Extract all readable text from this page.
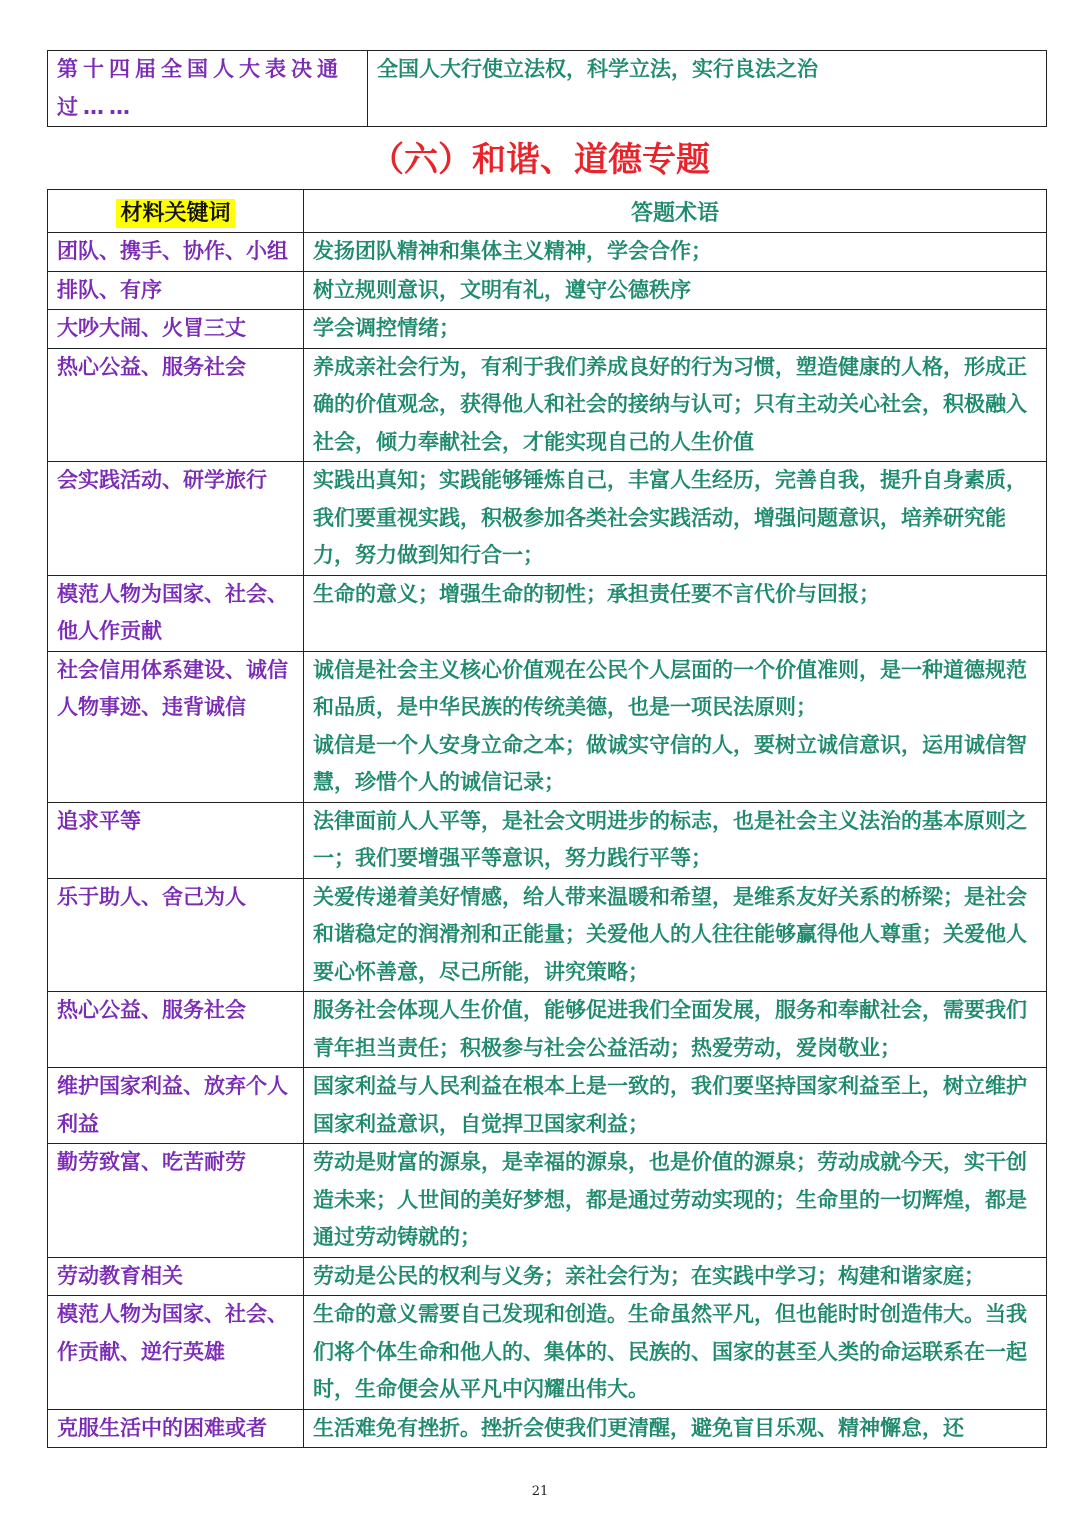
第十四届全国人大表决通过……	全国人大行使立法权，科学立法，实行良法之治
（六）和谐、道德专题
材料关键词	答题术语
团队、携手、协作、小组	发扬团队精神和集体主义精神，学会合作；
排队、有序	树立规则意识，文明有礼，遵守公德秩序
大吵大闹、火冒三丈	学会调控情绪；
热心公益、服务社会	养成亲社会行为，有利于我们养成良好的行为习惯，塑造健康的人格，形成正确的价值观念，获得他人和社会的接纳与认可；只有主动关心社会，积极融入社会，倾力奉献社会，才能实现自己的人生价值
会实践活动、研学旅行	实践出真知；实践能够锤炼自己，丰富人生经历，完善自我，提升自身素质，我们要重视实践，积极参加各类社会实践活动，增强问题意识，培养研究能力，努力做到知行合一；
模范人物为国家、社会、他人作贡献	生命的意义；增强生命的韧性；承担责任要不言代价与回报；
社会信用体系建设、诚信人物事迹、违背诚信	诚信是社会主义核心价值观在公民个人层面的一个价值准则，是一种道德规范和品质，是中华民族的传统美德，也是一项民法原则；
诚信是一个人安身立命之本；做诚实守信的人，要树立诚信意识，运用诚信智慧，珍惜个人的诚信记录；
追求平等	法律面前人人平等，是社会文明进步的标志，也是社会主义法治的基本原则之一；我们要增强平等意识，努力践行平等；
乐于助人、舍己为人	关爱传递着美好情感，给人带来温暖和希望，是维系友好关系的桥梁；是社会和谐稳定的润滑剂和正能量；关爱他人的人往往能够赢得他人尊重；关爱他人要心怀善意，尽己所能，讲究策略；
热心公益、服务社会	服务社会体现人生价值，能够促进我们全面发展，服务和奉献社会，需要我们青年担当责任；积极参与社会公益活动；热爱劳动，爱岗敬业；
维护国家利益、放弃个人利益	国家利益与人民利益在根本上是一致的，我们要坚持国家利益至上，树立维护国家利益意识，自觉捍卫国家利益；
勤劳致富、吃苦耐劳	劳动是财富的源泉，是幸福的源泉，也是价值的源泉；劳动成就今天，实干创造未来；人世间的美好梦想，都是通过劳动实现的；生命里的一切辉煌，都是通过劳动铸就的；
劳动教育相关	劳动是公民的权利与义务；亲社会行为；在实践中学习；构建和谐家庭；
模范人物为国家、社会、作贡献、逆行英雄	生命的意义需要自己发现和创造。生命虽然平凡，但也能时时创造伟大。当我们将个体生命和他人的、集体的、民族的、国家的甚至人类的命运联系在一起时，生命便会从平凡中闪耀出伟大。
克服生活中的困难或者	生活难免有挫折。挫折会使我们更清醒，避免盲目乐观、精神懈怠，还
21
